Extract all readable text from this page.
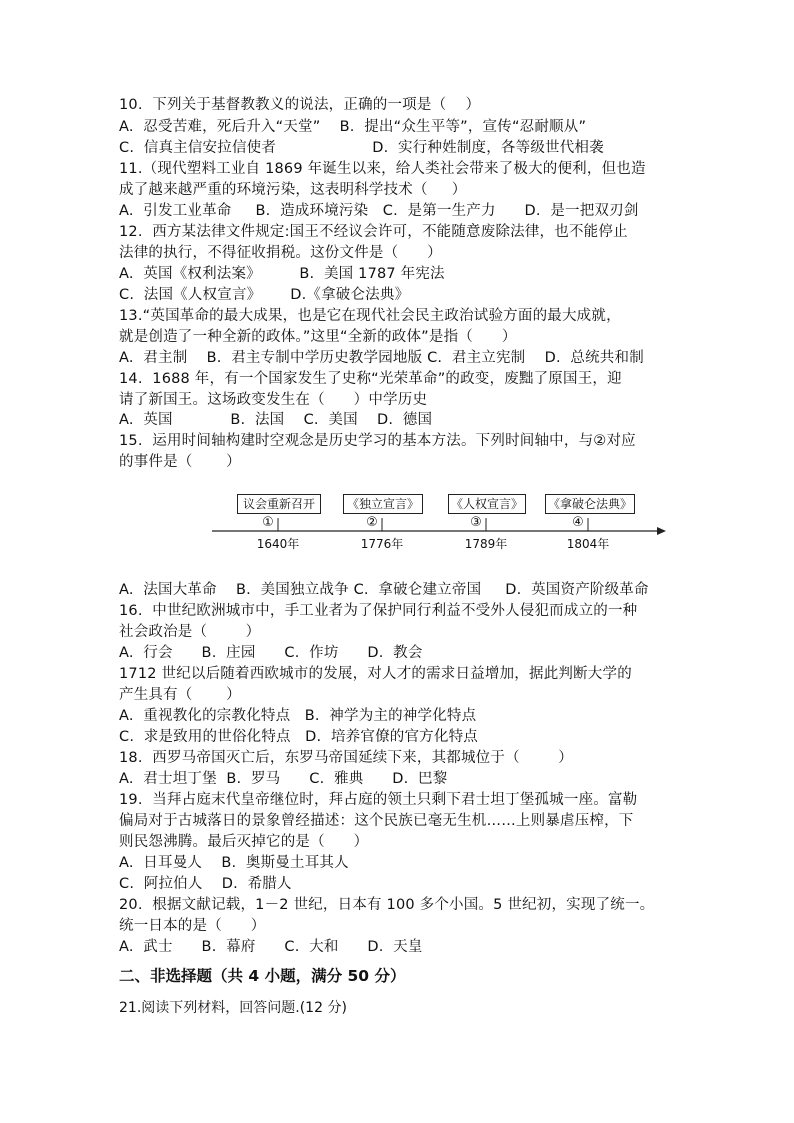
10.  下列关于基督教教义的说法，正确的一项是（    ）
A.  忍受苦难，死后升入“天堂”    B.  提出“众生平等”，宣传“忍耐顺从”
C.  信真主信安拉信使者                    D.  实行种姓制度，各等级世代相袭
11.（现代塑料工业自 1869 年诞生以来，给人类社会带来了极大的便利，但也造
成了越来越严重的环境污染，这表明科学技术（     ）
A.  引发工业革命     B.  造成环境污染   C.  是第一生产力      D.  是一把双刃剑
12.  西方某法律文件规定:国王不经议会许可，不能随意废除法律，也不能停止
法律的执行，不得征收捐税。这份文件是（      ）
A.  英国《权利法案》        B.  美国 1787 年宪法
C.  法国《人权宣言》      D.《拿破仑法典》
13.“英国革命的最大成果，也是它在现代社会民主政治试验方面的最大成就，
就是创造了一种全新的政体。”这里“全新的政体”是指（      ）
A.  君主制    B.  君主专制中学历史教学园地版 C.  君主立宪制    D.  总统共和制
14.  1688 年，有一个国家发生了史称“光荣革命”的政变，废黜了原国王，迎
请了新国王。这场政变发生在（      ）中学历史
A.  英国            B.  法国    C.  美国    D.  德国
15.  运用时间轴构建时空观念是历史学习的基本方法。下列时间轴中，与②对应
的事件是（       ）
议会重新召开	《独立宣言》	《人权宣言》 《拿破仑法典》
①	②	③	④
1640年	1776年	1789年	1804年
A.  法国大革命    B.  美国独立战争 C.  拿破仑建立帝国     D.  英国资产阶级革命
16.  中世纪欧洲城市中，手工业者为了保护同行利益不受外人侵犯而成立的一种
社会政治是（        ）
A.  行会      B.  庄园      C.  作坊      D.  教会
1712 世纪以后随着西欧城市的发展，对人才的需求日益增加，据此判断大学的
产生具有（       ）
A.  重视教化的宗教化特点   B.  神学为主的神学化特点
C.  求是致用的世俗化特点   D.  培养官僚的官方化特点
18.  西罗马帝国灭亡后，东罗马帝国延续下来，其都城位于（        ）
A.  君士坦丁堡  B.  罗马      C.  雅典      D.  巴黎
19.  当拜占庭末代皇帝继位时，拜占庭的领土只剩下君士坦丁堡孤城一座。富勒
偏局对于古城落日的景象曾经描述：这个民族已毫无生机……上则暴虐压榨，下
则民怨沸腾。最后灭掉它的是（      ）
A.  日耳曼人    B.  奥斯曼土耳其人
C.  阿拉伯人    D.  希腊人
20.  根据文献记载，1－2 世纪，日本有 100 多个小国。5 世纪初，实现了统一。
统一日本的是（      ）
A.  武士      B.  幕府      C.  大和      D.  天皇
二、非选择题（共 4 小题，满分 50 分）
21.阅读下列材料，回答问题.(12 分)
